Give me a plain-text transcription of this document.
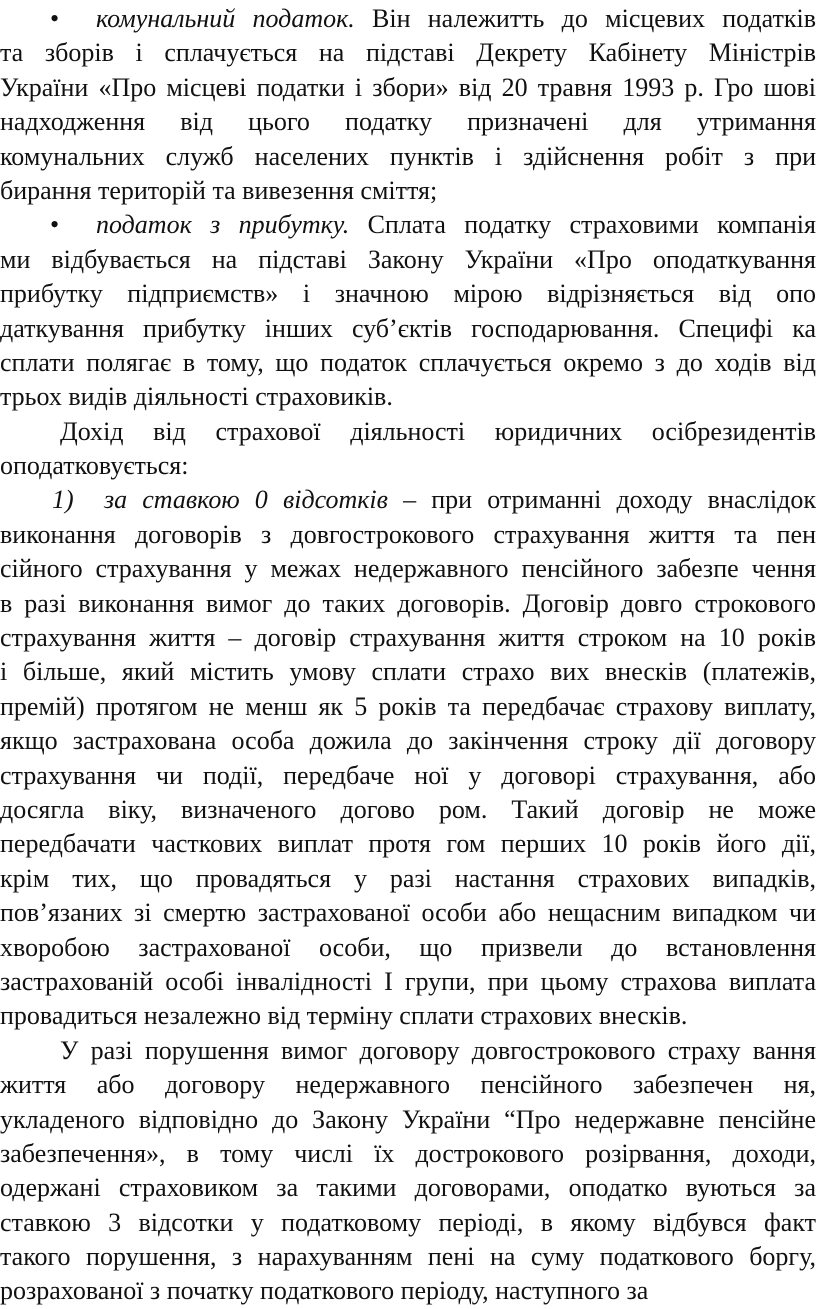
• комунальний податок. Він належитть до місцевих податків
та зборів і сплачується на підставі Декрету Кабінету Міністрів
України «Про місцеві податки і збори» від 20 травня 1993 р. Гро шові
надходження від цього податку призначені для утримання
комунальних служб населених пунктів і здійснення робіт з при
бирання територій та вивезення сміття;
• податок з прибутку. Сплата податку страховими компанія
ми відбувається на підставі Закону України «Про оподаткування
прибутку підприємств» і значною мірою відрізняється від опо
даткування прибутку інших суб’єктів господарювання. Специфі ка
сплати полягає в тому, що податок сплачується окремо з до ходів від
трьох видів діяльності страховиків.
Дохід від страхової діяльності юридичних осібрезидентів
оподатковується:
1) за ставкою 0 відсотків – при отриманні доходу внаслідок
виконання договорів з довгострокового страхування життя та пен
сійного страхування у межах недержавного пенсійного забезпе чення
в разі виконання вимог до таких договорів. Договір довго строкового
страхування життя – договір страхування життя строком на 10 років
і більше, який містить умову сплати страхо вих внесків (платежів,
премій) протягом не менш як 5 років та передбачає страхову виплату,
якщо застрахована особа дожила до закінчення строку дії договору
страхування чи події, передбаче ної у договорі страхування, або
досягла віку, визначеного догово ром. Такий договір не може
передбачати часткових виплат протя гом перших 10 років його дії,
крім тих, що провадяться у разі настання страхових випадків,
пов’язаних зі смертю застрахованої особи або нещасним випадком чи
хворобою застрахованої особи, що призвели до встановлення
застрахованій особі інвалідності І групи, при цьому страхова виплата
провадиться незалежно від терміну сплати страхових внесків.
У разі порушення вимог договору довгострокового страху вання
життя або договору недержавного пенсійного забезпечен ня,
укладеного відповідно до Закону України “Про недержавне пенсійне
забезпечення», в тому числі їх дострокового розірвання, доходи,
одержані страховиком за такими договорами, оподатко вуються за
ставкою 3 відсотки у податковому періоді, в якому відбувся факт
такого порушення, з нарахуванням пені на суму податкового боргу,
розрахованої з початку податкового періоду, наступного за
